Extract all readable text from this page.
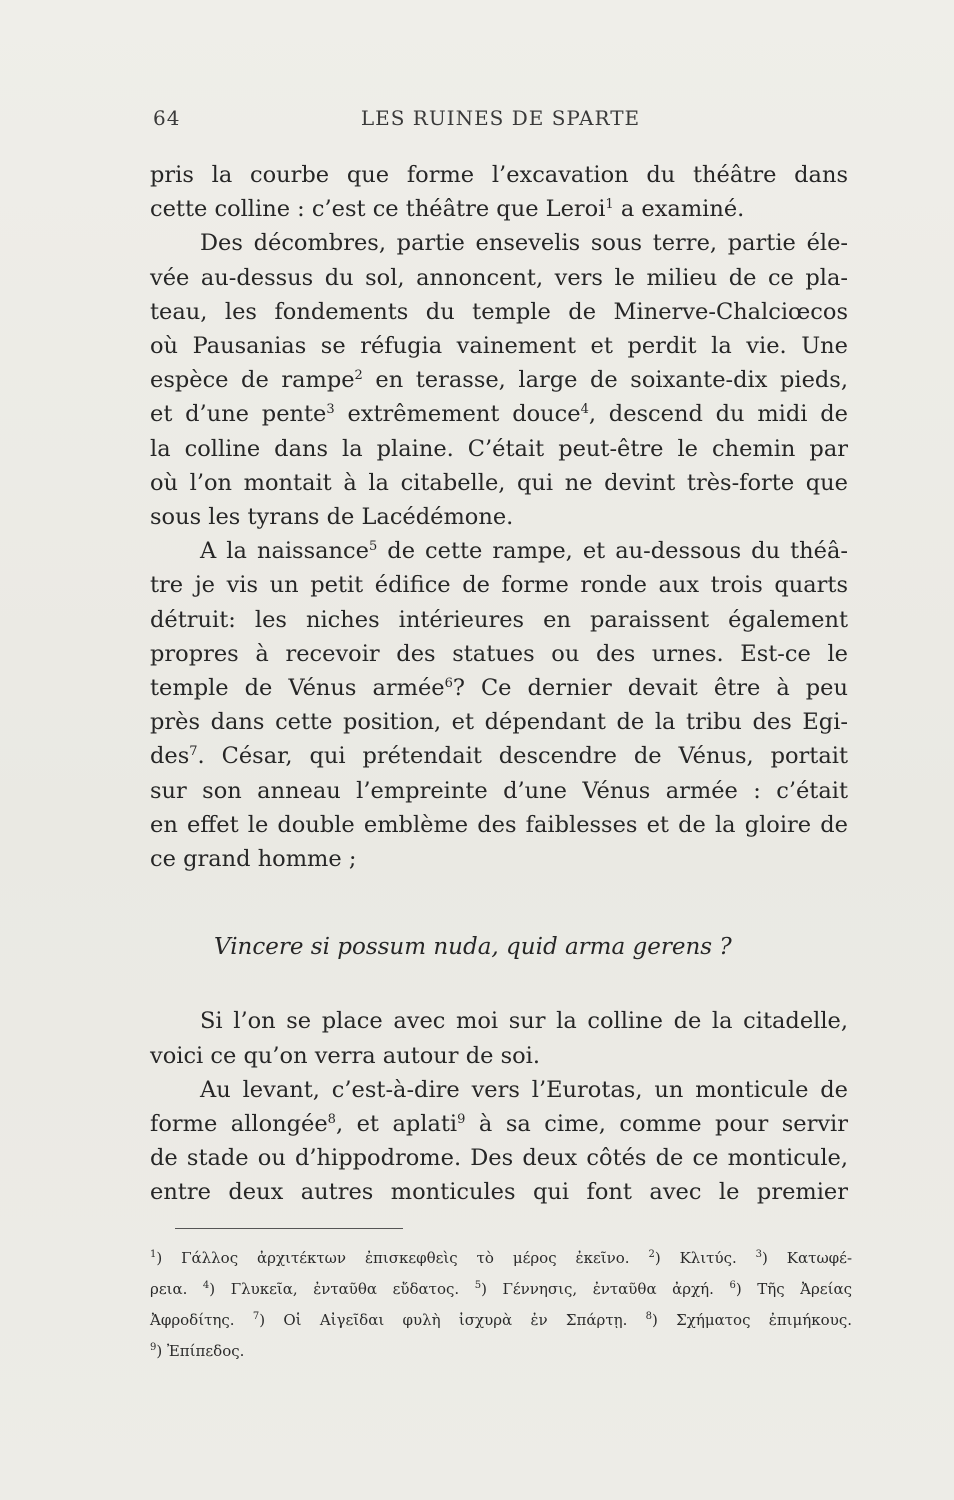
64	LES RUINES DE SPARTE
pris la courbe que forme l’excavation du théâtre dans
cette colline : c’est ce théâtre que Leroi$^1$ a examiné.
Des décombres, partie ensevelis sous terre, partie éle-
vée au-dessus du sol, annoncent, vers le milieu de ce pla-
teau, les fondements du temple de Minerve-Chalciœcos
où Pausanias se réfugia vainement et perdit la vie. Une
espèce de rampe$^2$ en terasse, large de soixante-dix pieds,
et d’une pente$^3$ extrêmement douce$^4$, descend du midi de
la colline dans la plaine. C’était peut-être le chemin par
où l’on montait à la citabelle, qui ne devint très-forte que
sous les tyrans de Lacédémone.
A la naissance$^5$ de cette rampe, et au-dessous du théâ-
tre je vis un petit édifice de forme ronde aux trois quarts
détruit: les niches intérieures en paraissent également
propres à recevoir des statues ou des urnes. Est-ce le
temple de Vénus armée$^6$? Ce dernier devait être à peu
près dans cette position, et dépendant de la tribu des Egi-
des$^7$. César, qui prétendait descendre de Vénus, portait
sur son anneau l’empreinte d’une Vénus armée : c’était
en effet le double emblème des faiblesses et de la gloire de
ce grand homme ;
Vincere si possum nuda, quid arma gerens ?
Si l’on se place avec moi sur la colline de la citadelle,
voici ce qu’on verra autour de soi.
Au levant, c’est-à-dire vers l’Eurotas, un monticule de
forme allongée$^8$, et aplati$^9$ à sa cime, comme pour servir
de stade ou d’hippodrome. Des deux côtés de ce monticule,
entre deux autres monticules qui font avec le premier
$^1$) Γάλλος ἀρχιτέκτων ἐπισκεφθεὶς τὸ μέρος ἐκεῖνο. $^2$) Κλιτύς. $^3$) Κατωφέ-
ρεια. $^4$) Γλυκεῖα, ἐνταῦθα εὔδατος. $^5$) Γέννησις, ἐνταῦθα ἀρχή. $^6$) Τῆς Ἀρείας
Ἀφροδίτης. $^7$) Οἱ Αἰγεῖδαι φυλὴ ἰσχυρὰ ἐν Σπάρτῃ. $^8$) Σχήματος ἐπιμήκους.
$^9$) Ἐπίπεδος.
